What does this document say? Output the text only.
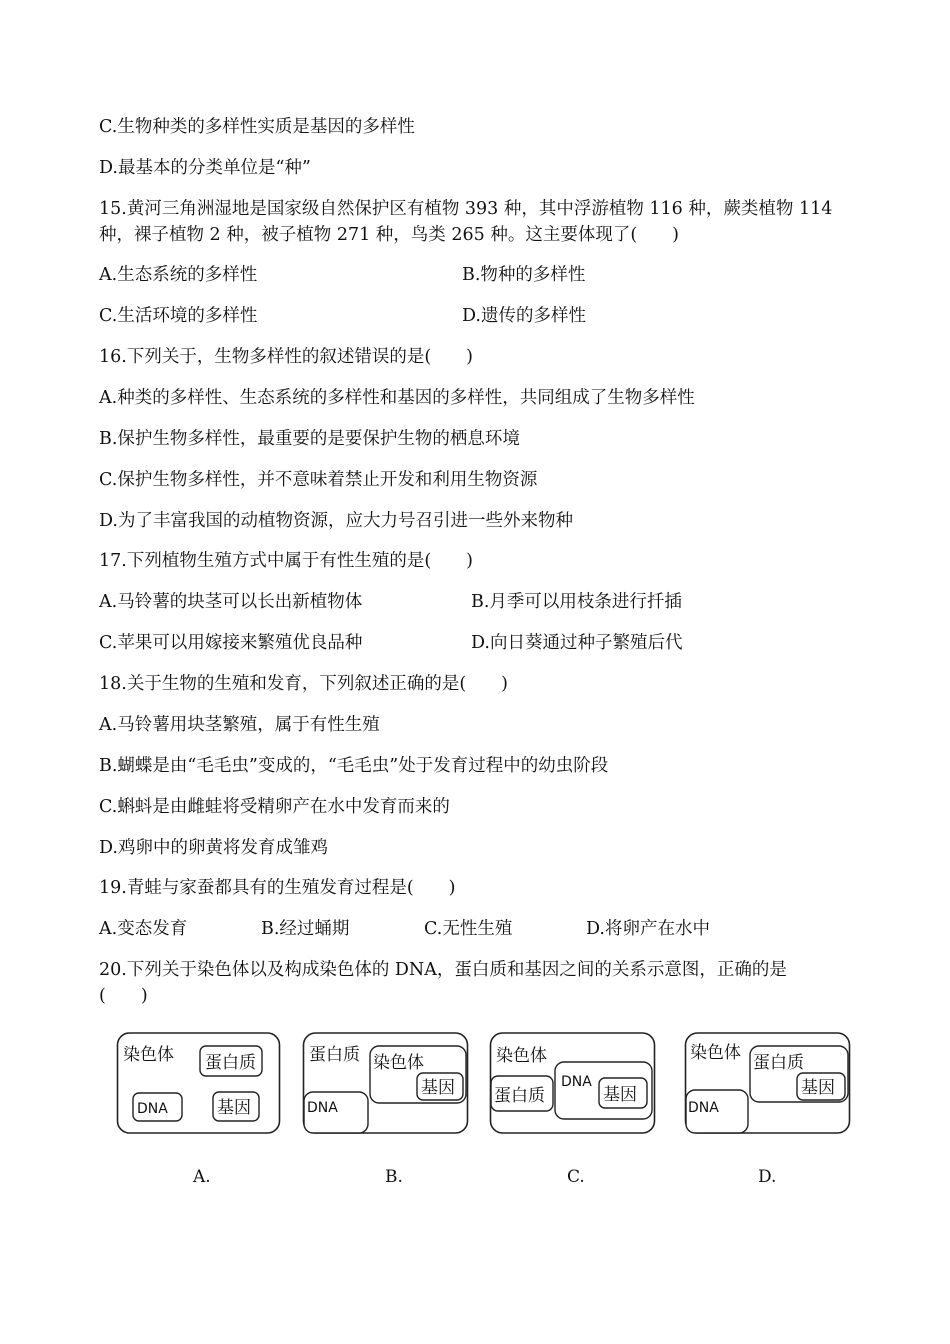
C.生物种类的多样性实质是基因的多样性
D.最基本的分类单位是“种”
15.黄河三角洲湿地是国家级自然保护区有植物 393 种，其中浮游植物 116 种，蕨类植物 114
种，裸子植物 2 种，被子植物 271 种，鸟类 265 种。这主要体现了(　　)
A.生态系统的多样性	B.物种的多样性
C.生活环境的多样性	D.遗传的多样性
16.下列关于，生物多样性的叙述错误的是(　　)
A.种类的多样性、生态系统的多样性和基因的多样性，共同组成了生物多样性
B.保护生物多样性，最重要的是要保护生物的栖息环境
C.保护生物多样性，并不意味着禁止开发和利用生物资源
D.为了丰富我国的动植物资源，应大力号召引进一些外来物种
17.下列植物生殖方式中属于有性生殖的是(　　)
A.马铃薯的块茎可以长出新植物体	B.月季可以用枝条进行扦插
C.苹果可以用嫁接来繁殖优良品种	D.向日葵通过种子繁殖后代
18.关于生物的生殖和发育，下列叙述正确的是(　　)
A.马铃薯用块茎繁殖，属于有性生殖
B.蝴蝶是由“毛毛虫”变成的，“毛毛虫”处于发育过程中的幼虫阶段
C.蝌蚪是由雌蛙将受精卵产在水中发育而来的
D.鸡卵中的卵黄将发育成雏鸡
19.青蛙与家蚕都具有的生殖发育过程是(　　)
A.变态发育	B.经过蛹期	C.无性生殖	D.将卵产在水中
20.下列关于染色体以及构成染色体的 DNA，蛋白质和基因之间的关系示意图，正确的是
(　　)
染色体 蛋白质
DNA	基因
蛋白质 染色体
基因
DNA
染色体
DNA
基因
蛋白质
染色体 蛋白质
基因
DNA
A.	B.	C.	D.
